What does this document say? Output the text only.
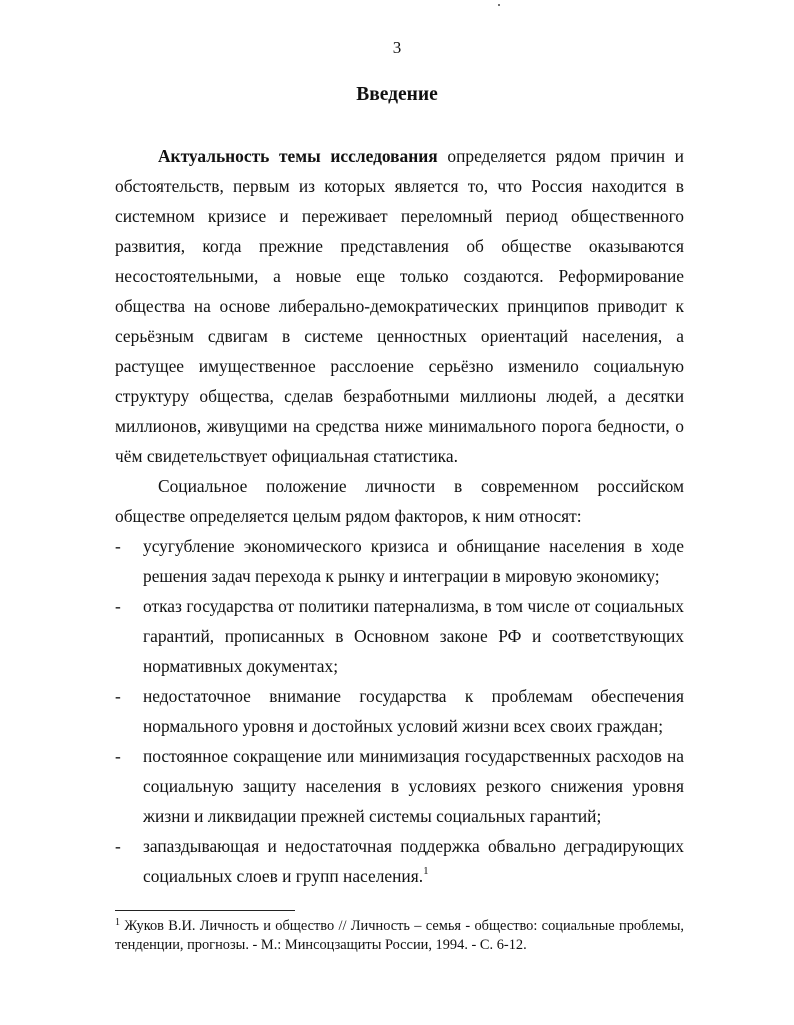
3
Введение

Актуальность темы исследования определяется рядом причин и обстоятельств, первым из которых является то, что Россия находится в системном кризисе и переживает переломный период общественного развития, когда прежние представления об обществе оказываются несостоятельными, а новые еще только создаются. Реформирование общества на основе либерально-демократических принципов приводит к серьёзным сдвигам в системе ценностных ориентаций населения, а растущее имущественное расслоение серьёзно изменило социальную структуру общества, сделав безработными миллионы людей, а десятки миллионов, живущими на средства ниже минимального порога бедности, о чём свидетельствует официальная статистика.

Социальное положение личности в современном российском обществе определяется целым рядом факторов, к ним относят:

- усугубление экономического кризиса и обнищание населения в ходе решения задач перехода к рынку и интеграции в мировую экономику;
- отказ государства от политики патернализма, в том числе от социальных гарантий, прописанных в Основном законе РФ и соответствующих нормативных документах;
- недостаточное внимание государства к проблемам обеспечения нормального уровня и достойных условий жизни всех своих граждан;
- постоянное сокращение или минимизация государственных расходов на социальную защиту населения в условиях резкого снижения уровня жизни и ликвидации прежней системы социальных гарантий;
- запаздывающая и недостаточная поддержка обвально деградирующих социальных слоев и групп населения.$^1$
$^1$ Жуков В.И. Личность и общество // Личность – семья - общество: социальные проблемы, тенденции, прогнозы. - М.: Минсоцзащиты России, 1994. - С. 6-12.
